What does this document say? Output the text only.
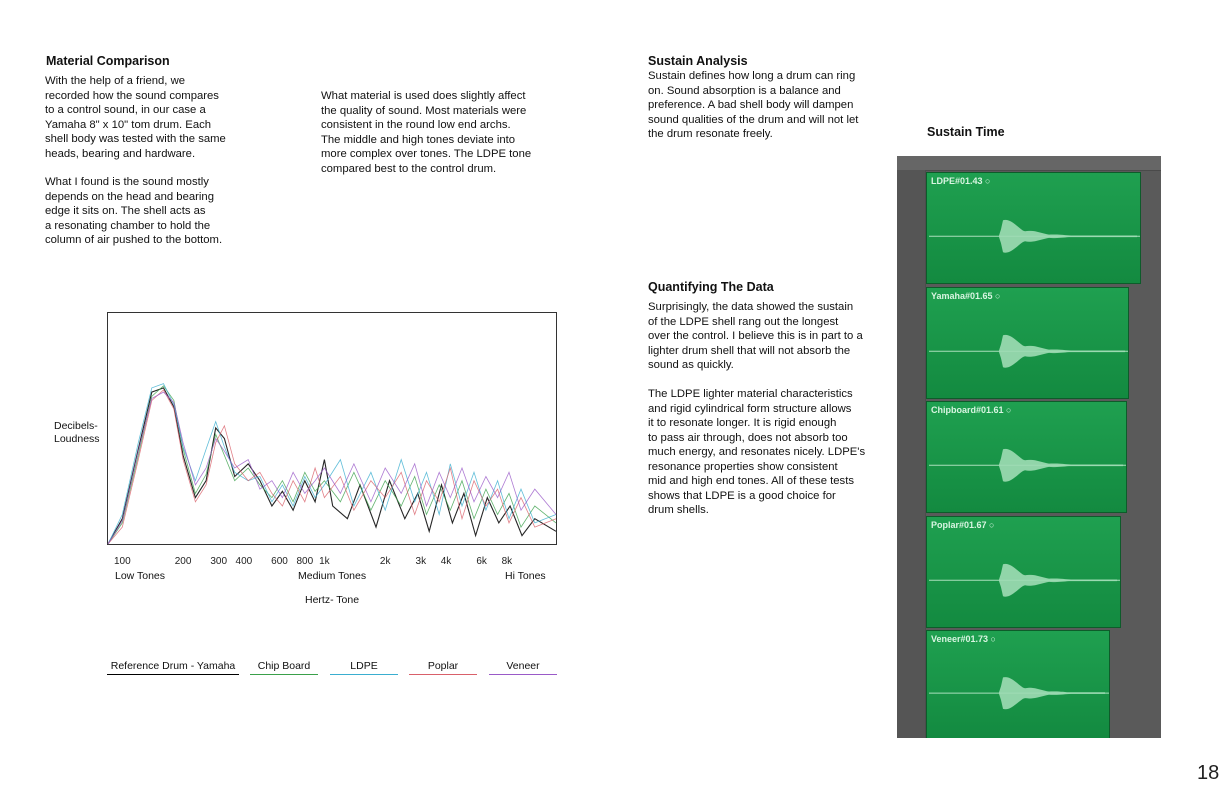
Material Comparison
With the help of a friend, we
recorded how the sound compares
to a control sound, in our case a
Yamaha 8" x 10" tom drum. Each
shell body was tested with the same
heads, bearing and hardware.
What I found is the sound mostly
depends on the head and bearing
edge it sits on. The shell acts as
a resonating chamber to hold the
column of air pushed to the bottom.
What material is used does slightly affect
the quality of sound. Most materials were
consistent in the round low end archs.
The middle and high tones deviate into
more complex over tones. The LDPE tone
compared best to the control drum.
Decibels-
Loudness
100	200 300 400 600 800 1k	2k	3k 4k	6k 8k
Low Tones	Medium Tones	Hi Tones
Hertz- Tone
Reference Drum - Yamaha	Chip Board	LDPE	Poplar	Veneer
Sustain Analysis
Sustain defines how long a drum can ring
on. Sound absorption is a balance and
preference. A bad shell body will dampen
sound qualities of the drum and will not let
the drum resonate freely.
Quantifying The Data
Surprisingly, the data showed the sustain
of the LDPE shell rang out the longest
over the control. I believe this is in part to a
lighter drum shell that will not absorb the
sound as quickly.
The LDPE lighter material characteristics
and rigid cylindrical form structure allows
it to resonate longer. It is rigid enough
to pass air through, does not absorb too
much energy, and resonates nicely. LDPE's
resonance properties show consistent
mid and high end tones. All of these tests
shows that LDPE is a good choice for
drum shells.
Sustain Time
LDPE#01.43 ○
Yamaha#01.65 ○
Chipboard#01.61 ○
Poplar#01.67 ○
Veneer#01.73 ○
18
